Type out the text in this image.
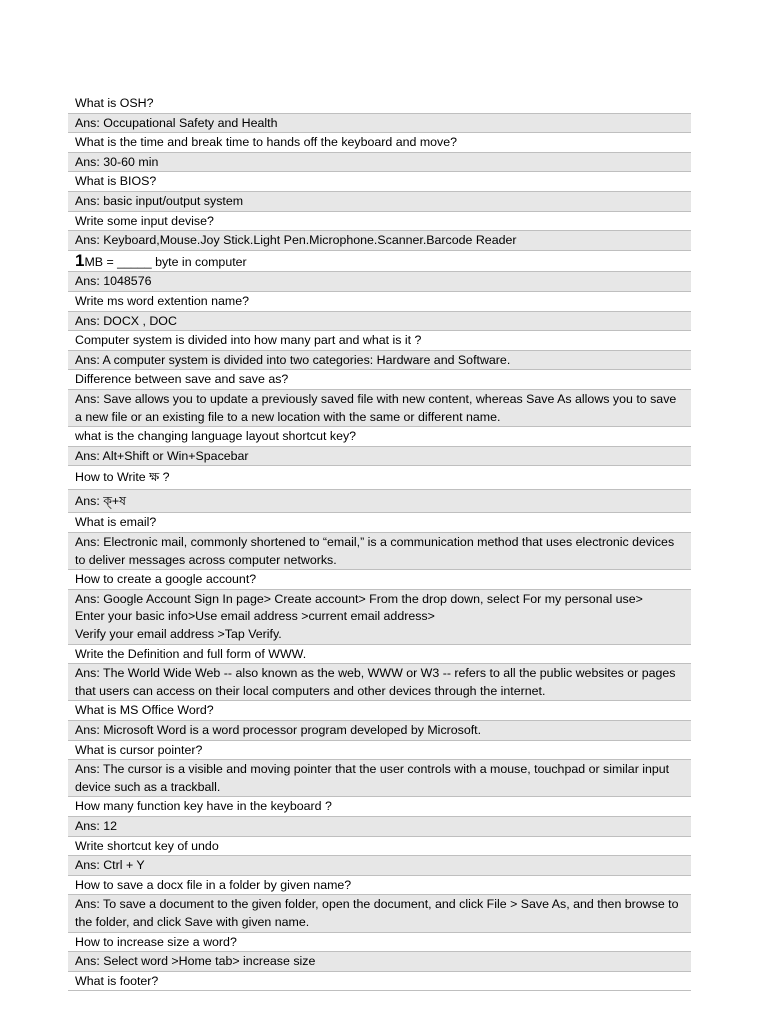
What is OSH?
Ans: Occupational Safety and Health
What is the time and break time to hands off the keyboard and move?
Ans: 30-60 min
What is BIOS?
Ans: basic input/output system
Write some input devise?
Ans: Keyboard,Mouse.Joy Stick.Light Pen.Microphone.Scanner.Barcode Reader
1MB = _____ byte in computer
Ans: 1048576
Write ms word extention name?
Ans: DOCX , DOC
Computer system is divided into how many part and what is it ?
Ans: A computer system is divided into two categories: Hardware and Software.
Difference between save and save as?
Ans: Save allows you to update a previously saved file with new content, whereas Save As allows you to save a new file or an existing file to a new location with the same or different name.
what is the changing language layout shortcut key?
Ans: Alt+Shift or Win+Spacebar
How to Write ক্ষ ?
Ans: ক্+ষ
What is email?
Ans: Electronic mail, commonly shortened to “email,” is a communication method that uses electronic devices to deliver messages across computer networks.
How to create a google account?
Ans: Google Account Sign In page> Create account> From the drop down, select For my personal use>
Enter your basic info>Use email address >current email address>
Verify your email address >Tap Verify.
Write the Definition and full form of WWW.
Ans: The World Wide Web -- also known as the web, WWW or W3 -- refers to all the public websites or pages that users can access on their local computers and other devices through the internet.
What is MS Office Word?
Ans: Microsoft Word is a word processor program developed by Microsoft.
What is cursor pointer?
Ans: The cursor is a visible and moving pointer that the user controls with a mouse, touchpad or similar input device such as a trackball.
How many function key have in the keyboard ?
Ans: 12
Write shortcut key of undo
Ans: Ctrl + Y
How to save a docx file in a folder by given name?
Ans: To save a document to the given folder, open the document, and click File > Save As, and then browse to the folder, and click Save with given name.
How to increase size a word?
Ans: Select word >Home tab> increase size
What is footer?
